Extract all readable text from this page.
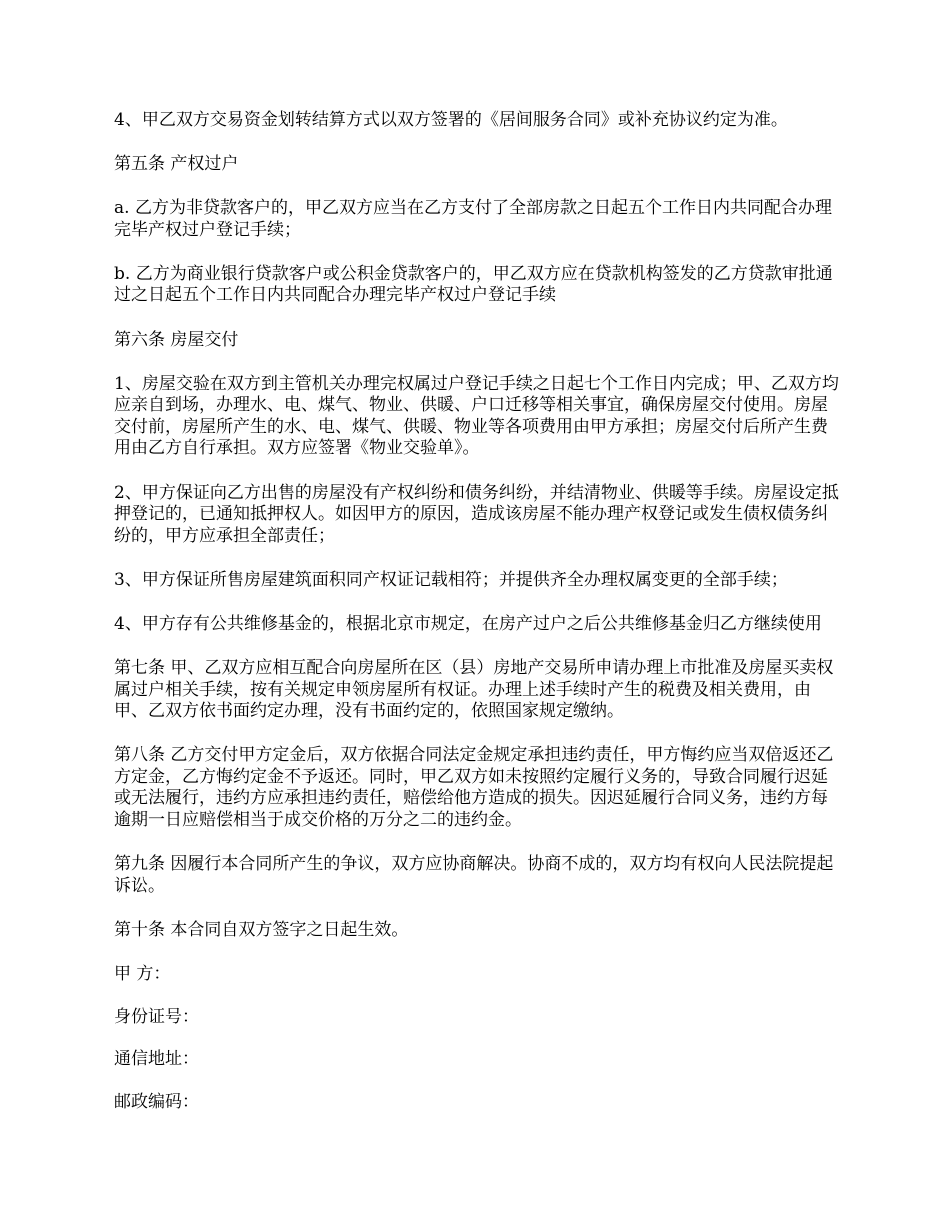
4、甲乙双方交易资金划转结算方式以双方签署的《居间服务合同》或补充协议约定为准。

第五条 产权过户

a. 乙方为非贷款客户的，甲乙双方应当在乙方支付了全部房款之日起五个工作日内共同配合办理完毕产权过户登记手续；

b. 乙方为商业银行贷款客户或公积金贷款客户的，甲乙双方应在贷款机构签发的乙方贷款审批通过之日起五个工作日内共同配合办理完毕产权过户登记手续

第六条 房屋交付

1、房屋交验在双方到主管机关办理完权属过户登记手续之日起七个工作日内完成；甲、乙双方均应亲自到场，办理水、电、煤气、物业、供暖、户口迁移等相关事宜，确保房屋交付使用。房屋交付前，房屋所产生的水、电、煤气、供暖、物业等各项费用由甲方承担；房屋交付后所产生费用由乙方自行承担。双方应签署《物业交验单》。

2、甲方保证向乙方出售的房屋没有产权纠纷和债务纠纷，并结清物业、供暖等手续。房屋设定抵押登记的，已通知抵押权人。如因甲方的原因，造成该房屋不能办理产权登记或发生债权债务纠纷的，甲方应承担全部责任；

3、甲方保证所售房屋建筑面积同产权证记载相符；并提供齐全办理权属变更的全部手续；

4、甲方存有公共维修基金的，根据北京市规定，在房产过户之后公共维修基金归乙方继续使用

第七条 甲、乙双方应相互配合向房屋所在区（县）房地产交易所申请办理上市批准及房屋买卖权属过户相关手续，按有关规定申领房屋所有权证。办理上述手续时产生的税费及相关费用，由甲、乙双方依书面约定办理，没有书面约定的，依照国家规定缴纳。

第八条 乙方交付甲方定金后，双方依据合同法定金规定承担违约责任，甲方悔约应当双倍返还乙方定金，乙方悔约定金不予返还。同时，甲乙双方如未按照约定履行义务的，导致合同履行迟延或无法履行，违约方应承担违约责任，赔偿给他方造成的损失。因迟延履行合同义务，违约方每逾期一日应赔偿相当于成交价格的万分之二的违约金。

第九条 因履行本合同所产生的争议，双方应协商解决。协商不成的，双方均有权向人民法院提起诉讼。

第十条 本合同自双方签字之日起生效。

甲 方：

身份证号：

通信地址：

邮政编码：
